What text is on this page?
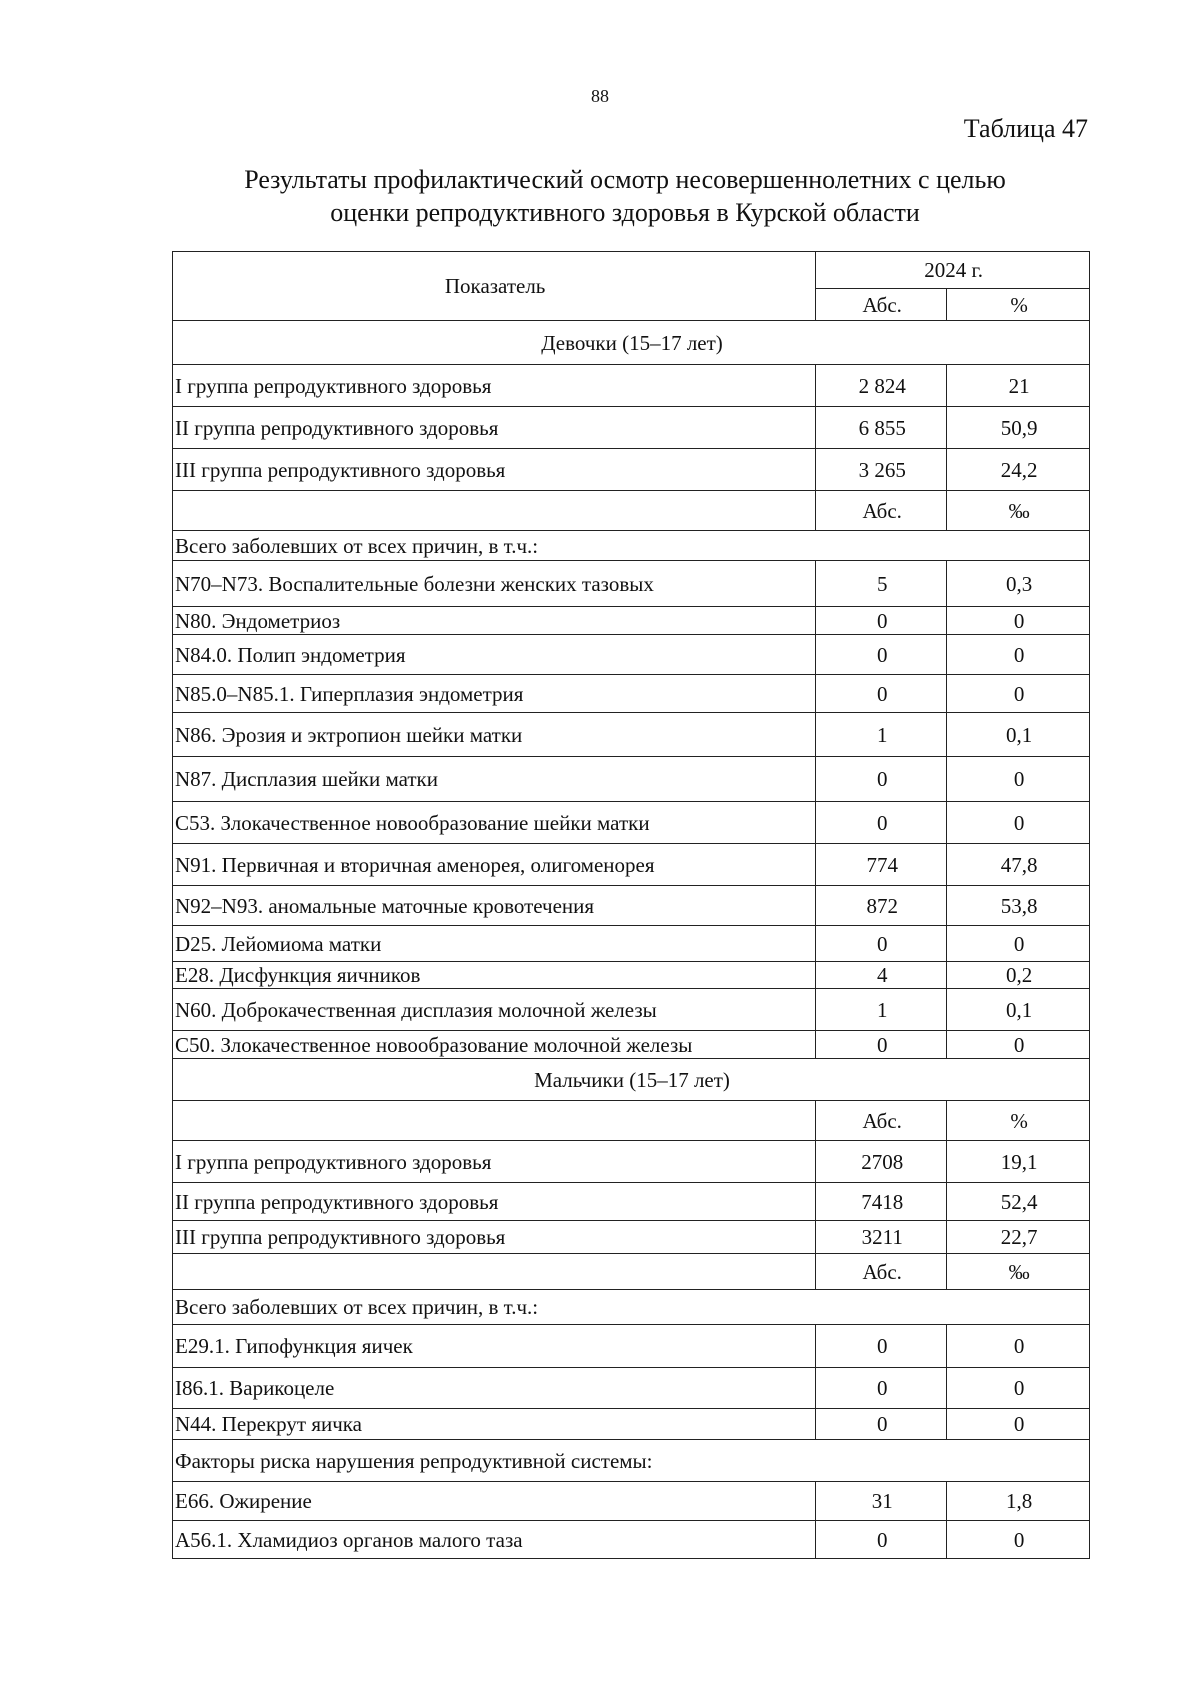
88
Таблица 47
Результаты профилактический осмотр несовершеннолетних с целью
оценки репродуктивного здоровья в Курской области
Показатель	2024 г.	
	Абс.	%
Девочки (15–17 лет)		
I группа репродуктивного здоровья	2 824	21
II группа репродуктивного здоровья	6 855	50,9
III группа репродуктивного здоровья	3 265	24,2
	Абс.	‰
Всего заболевших от всех причин, в т.ч.:		
N70–N73. Воспалительные болезни женских тазовых	5	0,3
N80. Эндометриоз	0	0
N84.0. Полип эндометрия	0	0
N85.0–N85.1. Гиперплазия эндометрия	0	0
N86. Эрозия и эктропион шейки матки	1	0,1
N87. Дисплазия шейки матки	0	0
C53. Злокачественное новообразование шейки матки	0	0
N91. Первичная и вторичная аменорея, олигоменорея	774	47,8
N92–N93. аномальные маточные кровотечения	872	53,8
D25. Лейомиома матки	0	0
E28. Дисфункция яичников	4	0,2
N60. Доброкачественная дисплазия молочной железы	1	0,1
C50. Злокачественное новообразование молочной железы	0	0
Мальчики (15–17 лет)		
	Абс.	%
I группа репродуктивного здоровья	2708	19,1
II группа репродуктивного здоровья	7418	52,4
III группа репродуктивного здоровья	3211	22,7
	Абс.	‰
Всего заболевших от всех причин, в т.ч.:		
E29.1. Гипофункция яичек	0	0
I86.1. Варикоцеле	0	0
N44. Перекрут яичка	0	0
Факторы риска нарушения репродуктивной системы:		
E66. Ожирение	31	1,8
A56.1. Хламидиоз органов малого таза	0	0
